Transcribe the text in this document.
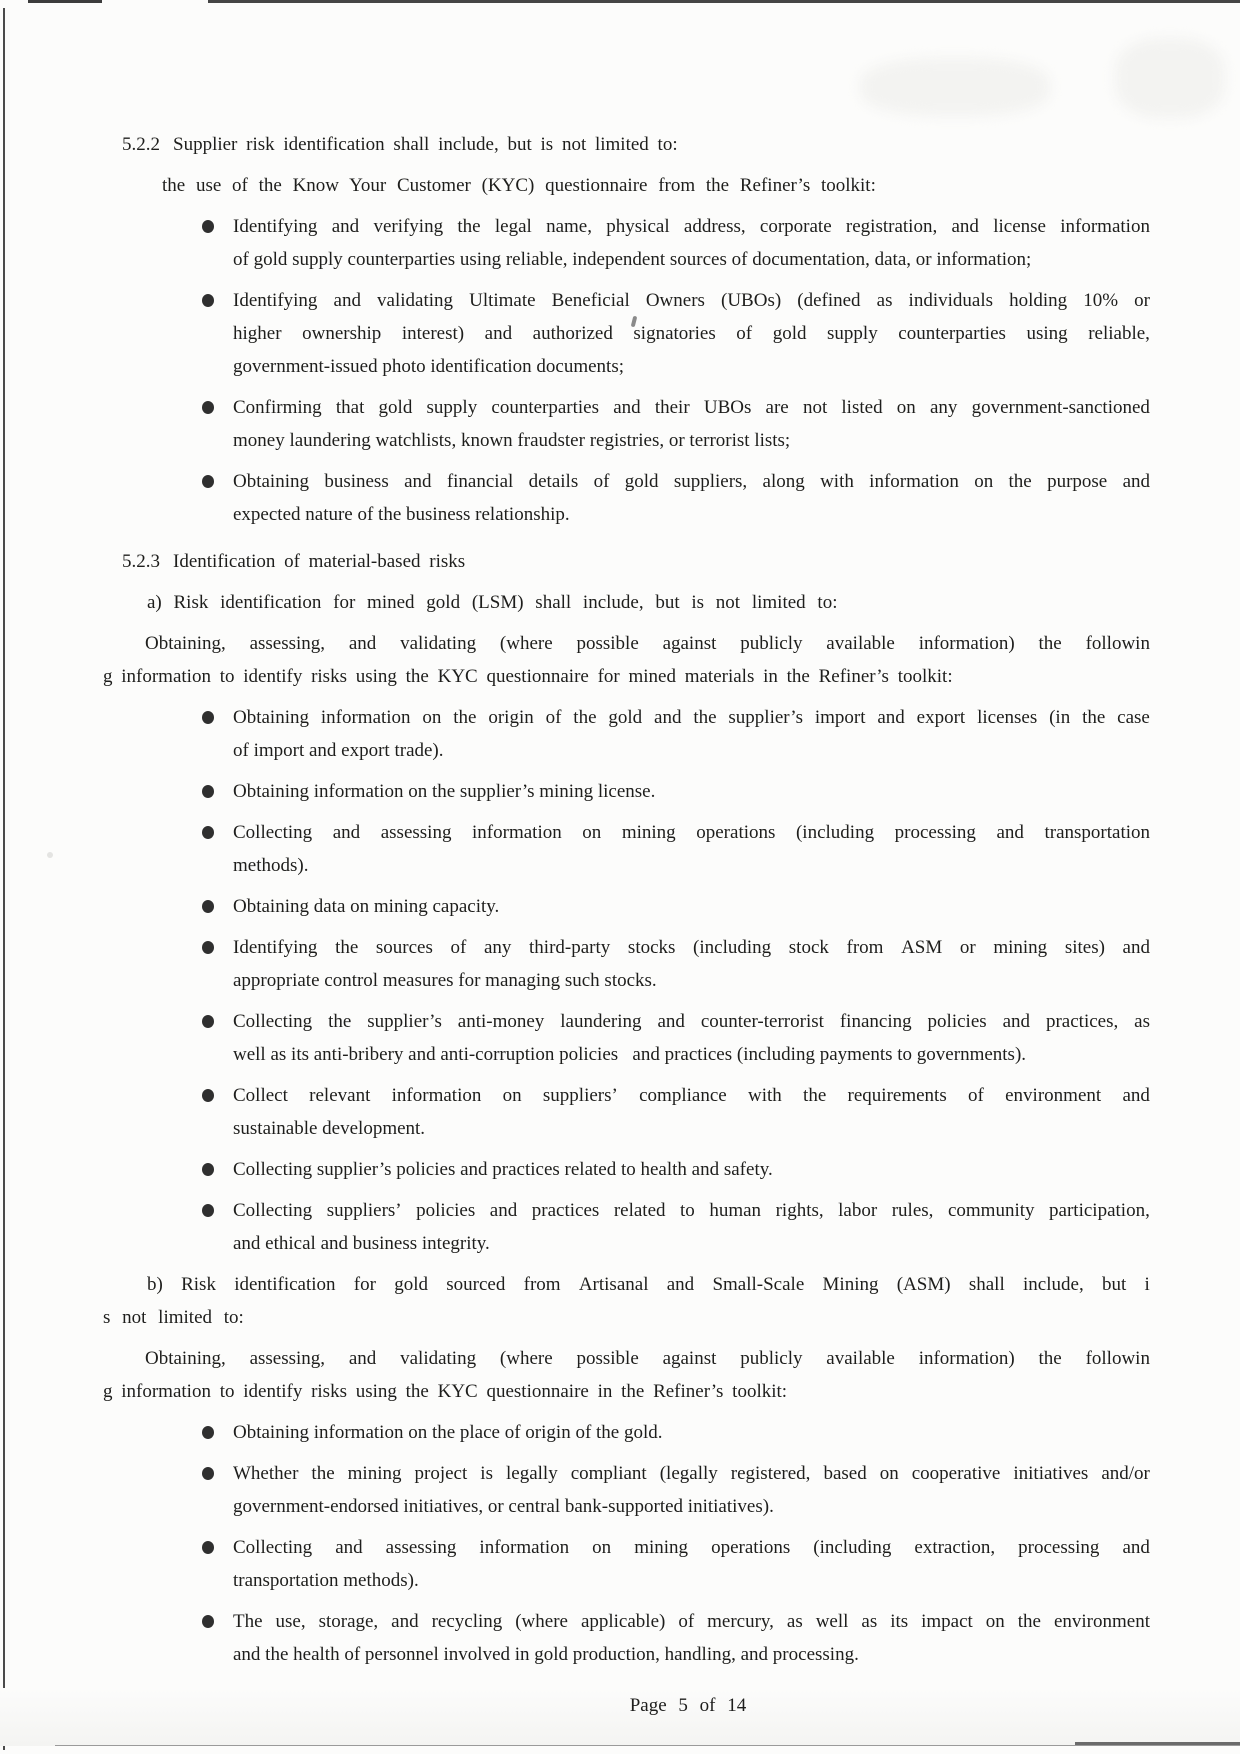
5.2.2 Supplier risk identification shall include, but is not limited to:
the use of the Know Your Customer (KYC) questionnaire from the Refiner’s toolkit:
Identifying and verifying the legal name, physical address, corporate registration, and license information
of gold supply counterparties using reliable, independent sources of documentation, data, or information;
Identifying and validating Ultimate Beneficial Owners (UBOs) (defined as individuals holding 10% or
higher ownership interest) and authorized signatories of gold supply counterparties using reliable,
government-issued photo identification documents;
Confirming that gold supply counterparties and their UBOs are not listed on any government-sanctioned
money laundering watchlists, known fraudster registries, or terrorist lists;
Obtaining business and financial details of gold suppliers, along with information on the purpose and
expected nature of the business relationship.
5.2.3 Identification of material-based risks
a) Risk identification for mined gold (LSM) shall include, but is not limited to:
Obtaining, assessing, and validating (where possible against publicly available information) the followin
g information to identify risks using the KYC questionnaire for mined materials in the Refiner’s toolkit:
Obtaining information on the origin of the gold and the supplier’s import and export licenses (in the case
of import and export trade).
Obtaining information on the supplier’s mining license.
Collecting and assessing information on mining operations (including processing and transportation
methods).
Obtaining data on mining capacity.
Identifying the sources of any third-party stocks (including stock from ASM or mining sites) and
appropriate control measures for managing such stocks.
Collecting the supplier’s anti-money laundering and counter-terrorist financing policies and practices, as
well as its anti-bribery and anti-corruption policies   and practices (including payments to governments).
Collect relevant information on suppliers’ compliance with the requirements of environment and
sustainable development.
Collecting supplier’s policies and practices related to health and safety.
Collecting suppliers’ policies and practices related to human rights, labor rules, community participation,
and ethical and business integrity.
b) Risk identification for gold sourced from Artisanal and Small-Scale Mining (ASM) shall include, but i
s not limited to:
Obtaining, assessing, and validating (where possible against publicly available information) the followin
g information to identify risks using the KYC questionnaire in the Refiner’s toolkit:
Obtaining information on the place of origin of the gold.
Whether the mining project is legally compliant (legally registered, based on cooperative initiatives and/or
government-endorsed initiatives, or central bank-supported initiatives).
Collecting and assessing information on mining operations (including extraction, processing and
transportation methods).
The use, storage, and recycling (where applicable) of mercury, as well as its impact on the environment
and the health of personnel involved in gold production, handling, and processing.
Page 5 of 14
